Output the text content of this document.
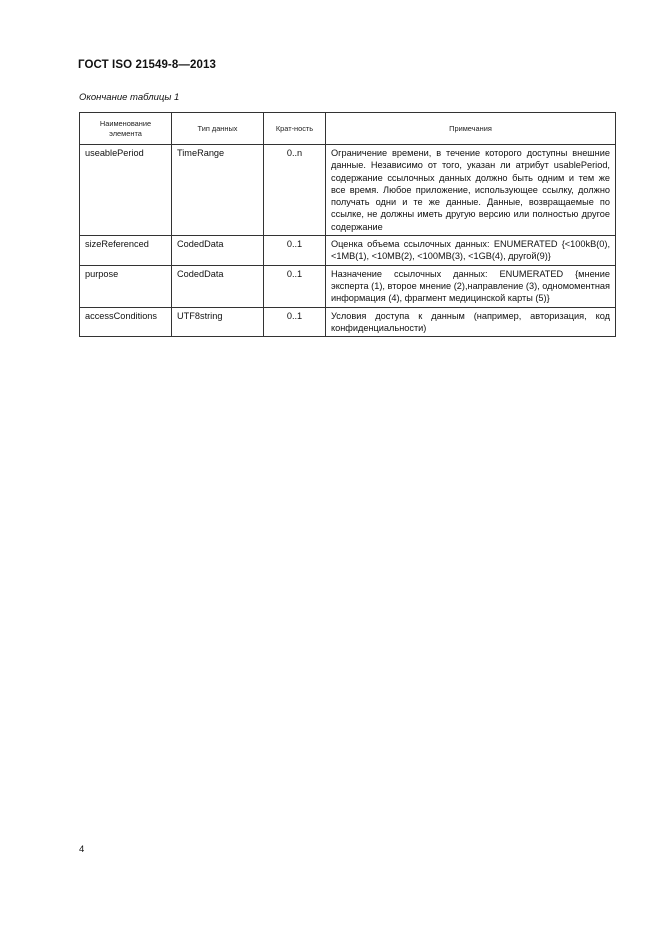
ГОСТ ISO 21549-8—2013
Окончание таблицы 1
Наименование элемента	Тип данных	Крат-ность	Примечания
useablePeriod	TimeRange	0..n	Ограничение времени, в течение которого доступны внешние данные. Независимо от того, указан ли атрибут usablePeriod, содержание ссылочных данных должно быть одним и тем же все время. Любое приложение, использующее ссылку, должно получать одни и те же данные. Данные, возвращаемые по ссылке, не должны иметь другую версию или полностью другое содержание
sizeReferenced	CodedData	0..1	Оценка объема ссылочных данных: ENUMERATED {<100kB(0), <1MB(1), <10MB(2), <100MB(3), <1GB(4), другой(9)}
purpose	CodedData	0..1	Назначение ссылочных данных: ENUMERATED {мнение эксперта (1), второе мнение (2),направление (3), одномоментная информация (4), фрагмент медицинской карты (5)}
accessConditions	UTF8string	0..1	Условия доступа к данным (например, авторизация, код конфиденциальности)
4
